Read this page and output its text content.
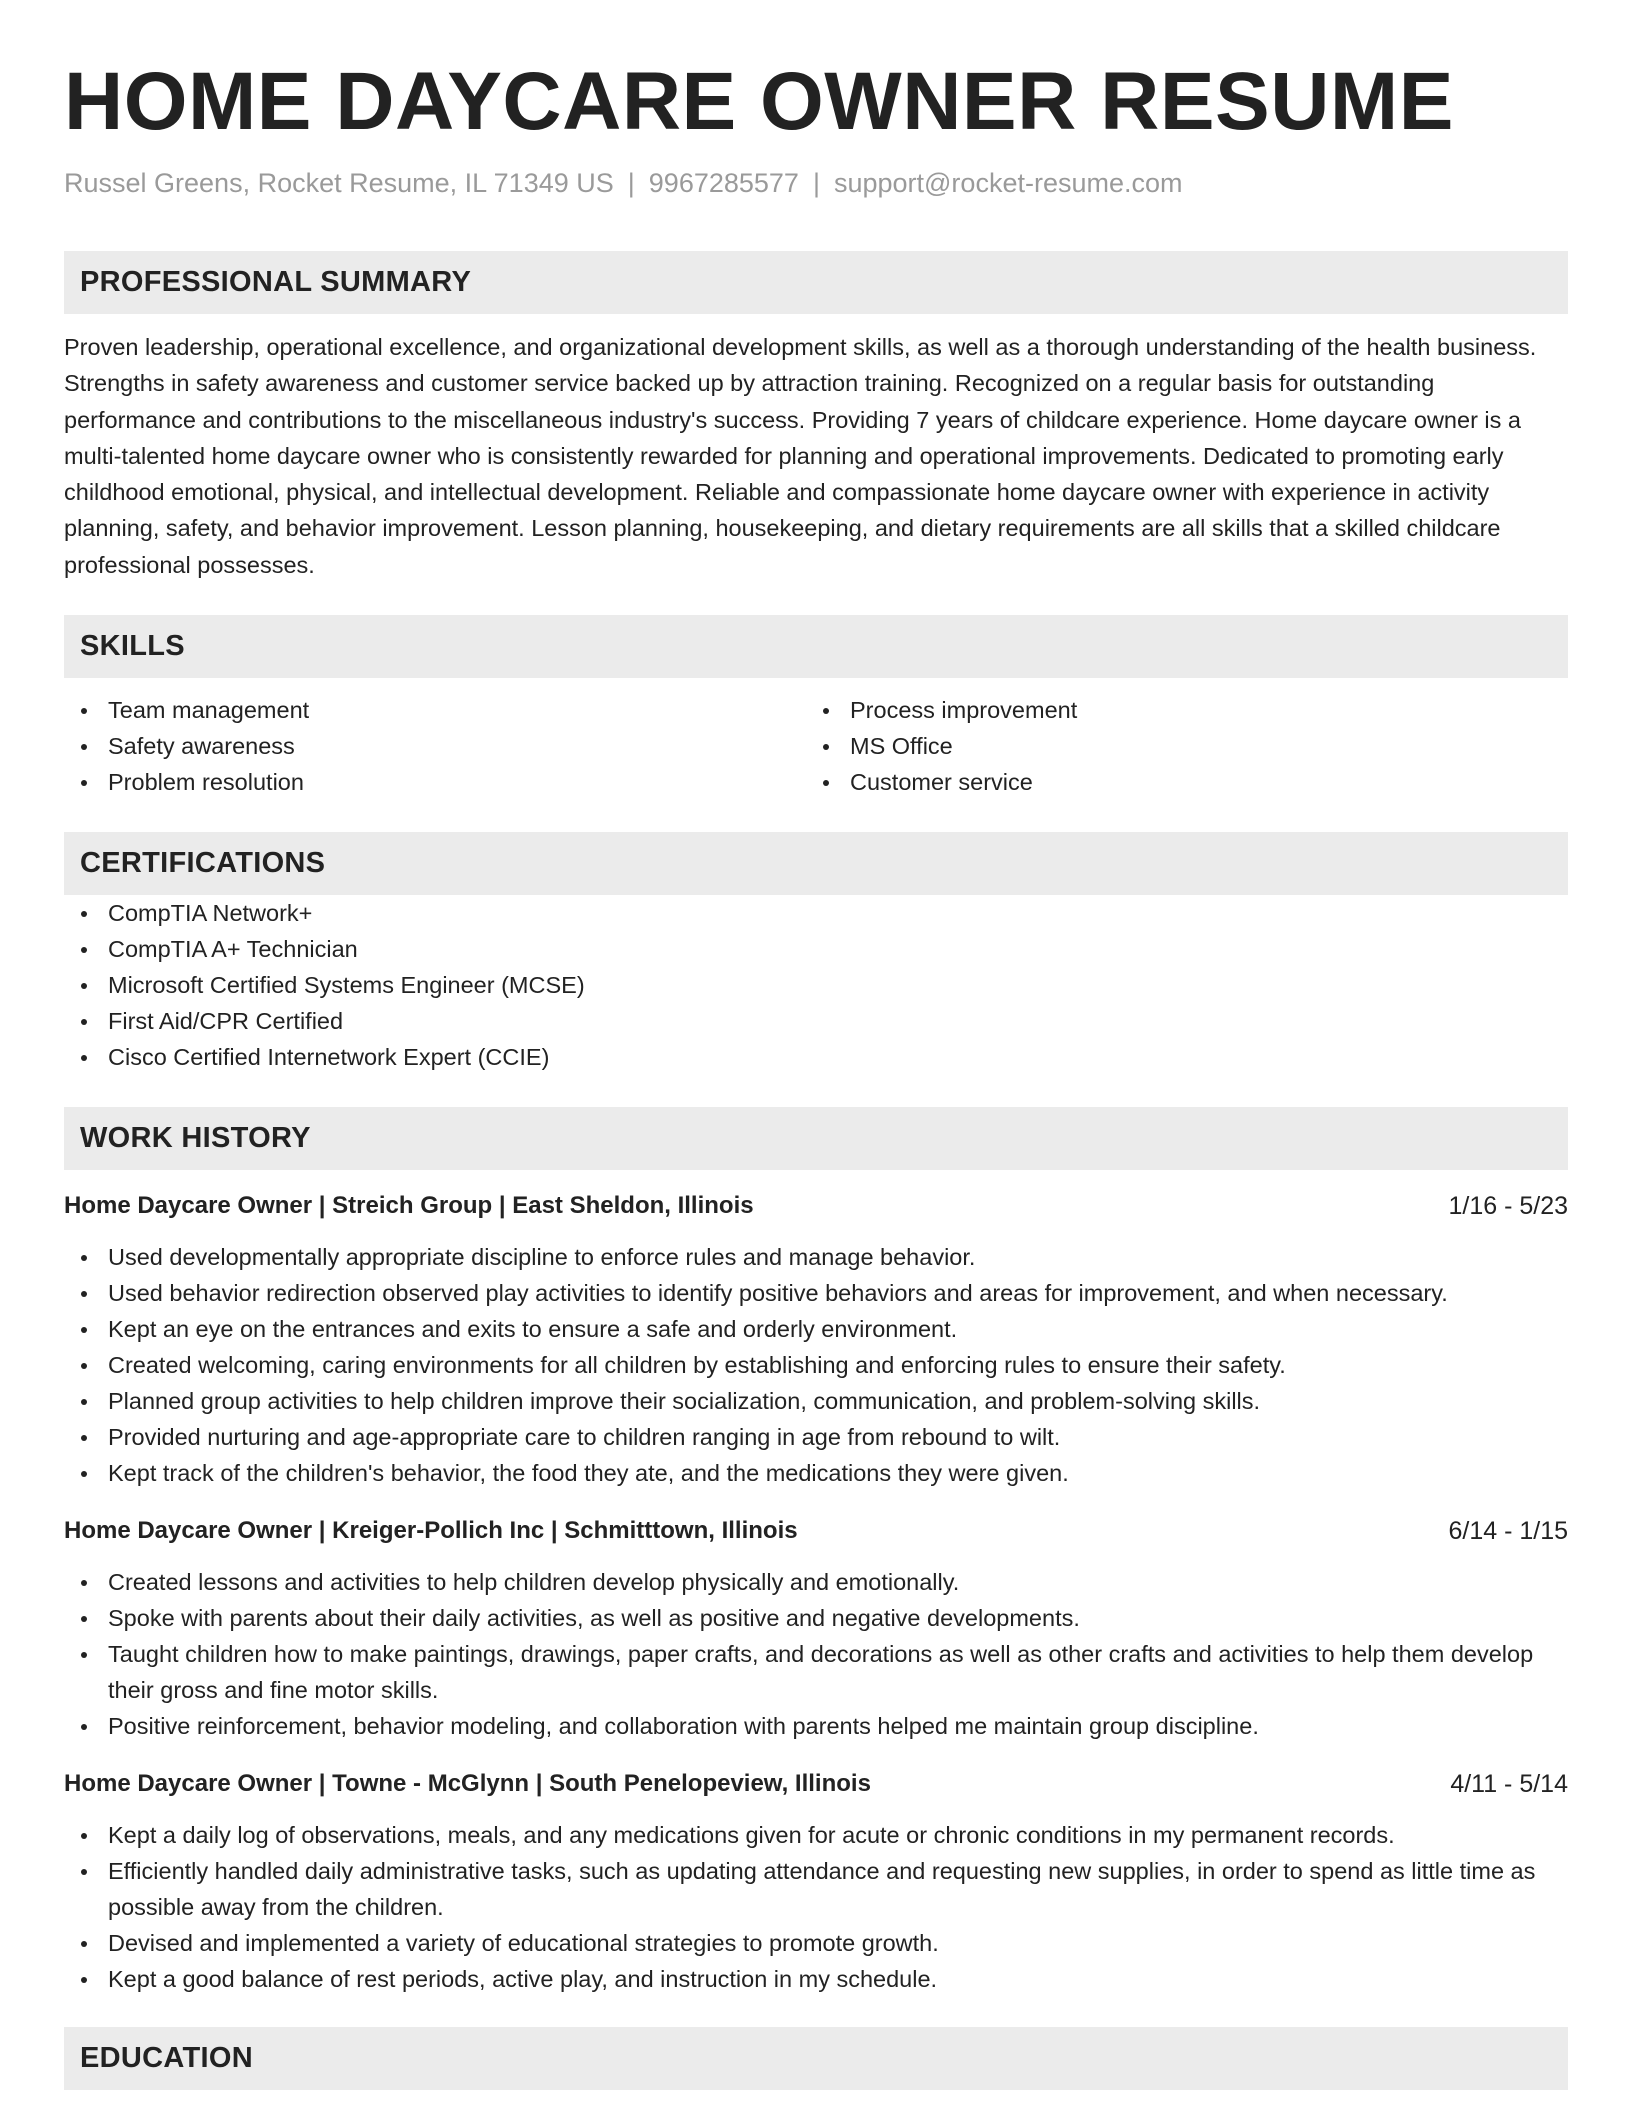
HOME DAYCARE OWNER RESUME
Russel Greens, Rocket Resume, IL 71349 US | 9967285577 | support@rocket-resume.com
PROFESSIONAL SUMMARY

Proven leadership, operational excellence, and organizational development skills, as well as a thorough understanding of the health business. Strengths in safety awareness and customer service backed up by attraction training. Recognized on a regular basis for outstanding performance and contributions to the miscellaneous industry's success. Providing 7 years of childcare experience. Home daycare owner is a multi-talented home daycare owner who is consistently rewarded for planning and operational improvements. Dedicated to promoting early childhood emotional, physical, and intellectual development. Reliable and compassionate home daycare owner with experience in activity planning, safety, and behavior improvement. Lesson planning, housekeeping, and dietary requirements are all skills that a skilled childcare professional possesses.

SKILLS
Team management
Safety awareness
Problem resolution
Process improvement
MS Office
Customer service
CERTIFICATIONS
CompTIA Network+
CompTIA A+ Technician
Microsoft Certified Systems Engineer (MCSE)
First Aid/CPR Certified
Cisco Certified Internetwork Expert (CCIE)
WORK HISTORY
Home Daycare Owner | Streich Group | East Sheldon, Illinois	1/16 - 5/23
Used developmentally appropriate discipline to enforce rules and manage behavior.
Used behavior redirection observed play activities to identify positive behaviors and areas for improvement, and when necessary.
Kept an eye on the entrances and exits to ensure a safe and orderly environment.
Created welcoming, caring environments for all children by establishing and enforcing rules to ensure their safety.
Planned group activities to help children improve their socialization, communication, and problem-solving skills.
Provided nurturing and age-appropriate care to children ranging in age from rebound to wilt.
Kept track of the children's behavior, the food they ate, and the medications they were given.
Home Daycare Owner | Kreiger-Pollich Inc | Schmitttown, Illinois	6/14 - 1/15
Created lessons and activities to help children develop physically and emotionally.
Spoke with parents about their daily activities, as well as positive and negative developments.
Taught children how to make paintings, drawings, paper crafts, and decorations as well as other crafts and activities to help them develop their gross and fine motor skills.
Positive reinforcement, behavior modeling, and collaboration with parents helped me maintain group discipline.
Home Daycare Owner | Towne - McGlynn | South Penelopeview, Illinois	4/11 - 5/14
Kept a daily log of observations, meals, and any medications given for acute or chronic conditions in my permanent records.
Efficiently handled daily administrative tasks, such as updating attendance and requesting new supplies, in order to spend as little time as possible away from the children.
Devised and implemented a variety of educational strategies to promote growth.
Kept a good balance of rest periods, active play, and instruction in my schedule.
EDUCATION
